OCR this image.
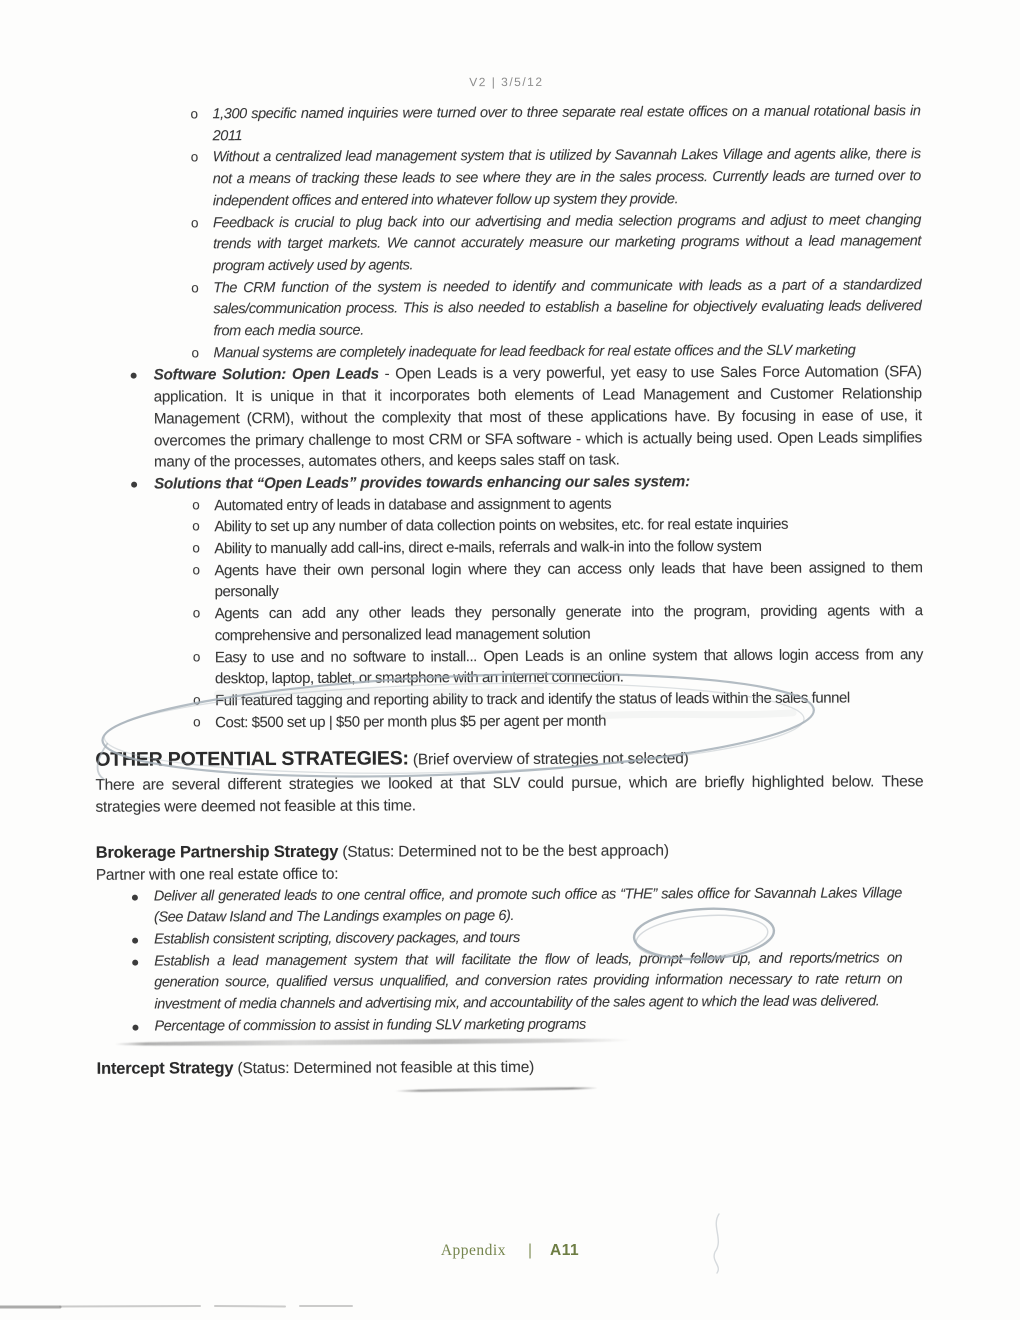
V2 | 3/5/12
o 1,300 specific named inquiries were turned over to three separate real estate offices on a manual rotational basis in 2011
o Without a centralized lead management system that is utilized by Savannah Lakes Village and agents alike, there is not a means of tracking these leads to see where they are in the sales process. Currently leads are turned over to independent offices and entered into whatever follow up system they provide.
o Feedback is crucial to plug back into our advertising and media selection programs and adjust to meet changing trends with target markets. We cannot accurately measure our marketing programs without a lead management program actively used by agents.
o The CRM function of the system is needed to identify and communicate with leads as a part of a standardized sales/communication process. This is also needed to establish a baseline for objectively evaluating leads delivered from each media source.
o Manual systems are completely inadequate for lead feedback for real estate offices and the SLV marketing
Software Solution: Open Leads - Open Leads is a very powerful, yet easy to use Sales Force Automation (SFA) application. It is unique in that it incorporates both elements of Lead Management and Customer Relationship Management (CRM), without the complexity that most of these applications have. By focusing in ease of use, it overcomes the primary challenge to most CRM or SFA software - which is actually being used. Open Leads simplifies many of the processes, automates others, and keeps sales staff on task.
Solutions that “Open Leads” provides towards enhancing our sales system:
o Automated entry of leads in database and assignment to agents
o Ability to set up any number of data collection points on websites, etc. for real estate inquiries
o Ability to manually add call-ins, direct e-mails, referrals and walk-in into the follow system
o Agents have their own personal login where they can access only leads that have been assigned to them personally
o Agents can add any other leads they personally generate into the program, providing agents with a comprehensive and personalized lead management solution
o Easy to use and no software to install... Open Leads is an online system that allows login access from any desktop, laptop, tablet, or smartphone with an internet connection.
o Full featured tagging and reporting ability to track and identify the status of leads within the sales funnel
o Cost: $500 set up | $50 per month plus $5 per agent per month
OTHER POTENTIAL STRATEGIES: (Brief overview of strategies not selected)

There are several different strategies we looked at that SLV could pursue, which are briefly highlighted below. These strategies were deemed not feasible at this time.

Brokerage Partnership Strategy (Status: Determined not to be the best approach)
Partner with one real estate office to:
Deliver all generated leads to one central office, and promote such office as “THE” sales office for Savannah Lakes Village (See Dataw Island and The Landings examples on page 6).
Establish consistent scripting, discovery packages, and tours
Establish a lead management system that will facilitate the flow of leads, prompt follow up, and reports/metrics on generation source, qualified versus unqualified, and conversion rates providing information necessary to rate return on investment of media channels and advertising mix, and accountability of the sales agent to which the lead was delivered.
Percentage of commission to assist in funding SLV marketing programs
Intercept Strategy (Status: Determined not feasible at this time)
Appendix | A11
